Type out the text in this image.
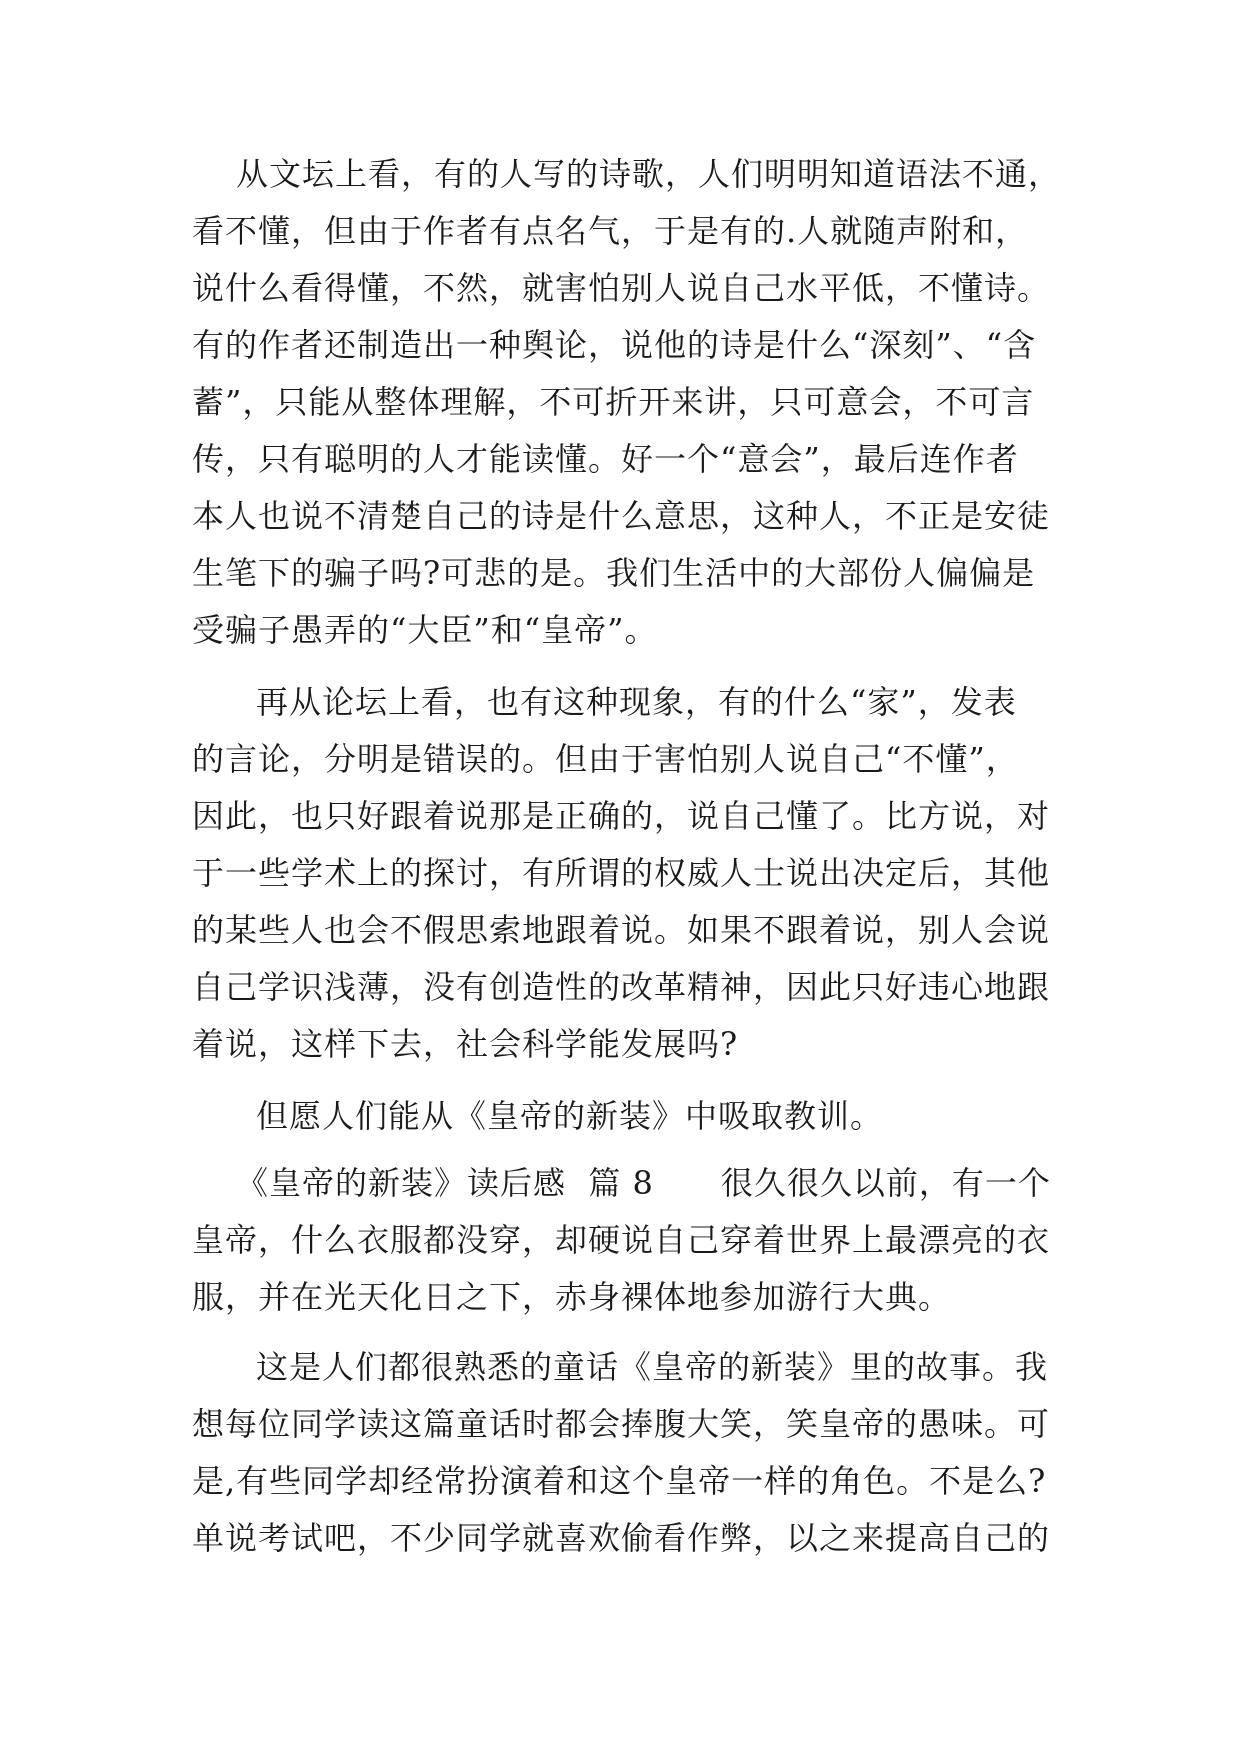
从文坛上看，有的人写的诗歌，人们明明知道语法不通，
看不懂，但由于作者有点名气，于是有的.人就随声附和，
说什么看得懂，不然，就害怕别人说自己水平低，不懂诗。
有的作者还制造出一种舆论，说他的诗是什么“深刻”、“含
蓄”，只能从整体理解，不可折开来讲，只可意会，不可言
传，只有聪明的人才能读懂。好一个“意会”，最后连作者
本人也说不清楚自己的诗是什么意思，这种人，不正是安徒
生笔下的骗子吗?可悲的是。我们生活中的大部份人偏偏是
受骗子愚弄的“大臣”和“皇帝”。
再从论坛上看，也有这种现象，有的什么“家”，发表
的言论，分明是错误的。但由于害怕别人说自己“不懂”，
因此，也只好跟着说那是正确的，说自己懂了。比方说，对
于一些学术上的探讨，有所谓的权威人士说出决定后，其他
的某些人也会不假思索地跟着说。如果不跟着说，别人会说
自己学识浅薄，没有创造性的改革精神，因此只好违心地跟
着说，这样下去，社会科学能发展吗?
但愿人们能从《皇帝的新装》中吸取教训。
《皇帝的新装》读后感  篇 8      很久很久以前，有一个
皇帝，什么衣服都没穿，却硬说自己穿着世界上最漂亮的衣
服，并在光天化日之下，赤身裸体地参加游行大典。
这是人们都很熟悉的童话《皇帝的新装》里的故事。我
想每位同学读这篇童话时都会捧腹大笑，笑皇帝的愚味。可
是,有些同学却经常扮演着和这个皇帝一样的角色。不是么?
单说考试吧，不少同学就喜欢偷看作弊，以之来提高自己的
